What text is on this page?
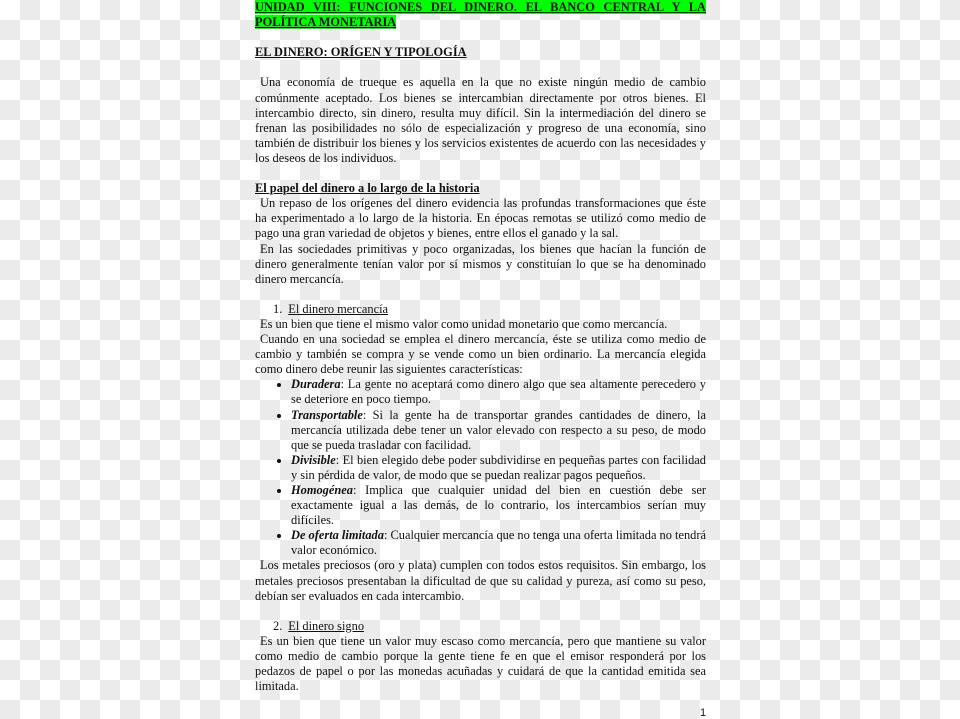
UNIDAD VIII: FUNCIONES DEL DINERO. EL BANCO CENTRAL Y LA POLÍTICA MONETARIA

EL DINERO: ORÍGEN Y TIPOLOGÍA

Una economía de trueque es aquella en la que no existe ningún medio de cambio comúnmente aceptado. Los bienes se intercambian directamente por otros bienes. El intercambio directo, sin dinero, resulta muy difícil. Sin la intermediación del dinero se frenan las posibilidades no sólo de especialización y progreso de una economía, sino también de distribuir los bienes y los servicios existentes de acuerdo con las necesidades y los deseos de los individuos.

El papel del dinero a lo largo de la historia

Un repaso de los orígenes del dinero evidencia las profundas transformaciones que éste ha experimentado a lo largo de la historia. En épocas remotas se utilizó como medio de pago una gran variedad de objetos y bienes, entre ellos el ganado y la sal.

En las sociedades primitivas y poco organizadas, los bienes que hacían la función de dinero generalmente tenían valor por sí mismos y constituían lo que se ha denominado dinero mercancía.

1. El dinero mercancía

Es un bien que tiene el mismo valor como unidad monetario que como mercancía.

Cuando en una sociedad se emplea el dinero mercancía, éste se utiliza como medio de cambio y también se compra y se vende como un bien ordinario. La mercancía elegida como dinero debe reunir las siguientes características:

• Duradera: La gente no aceptará como dinero algo que sea altamente perecedero y se deteriore en poco tiempo.
• Transportable: Si la gente ha de transportar grandes cantidades de dinero, la mercancía utilizada debe tener un valor elevado con respecto a su peso, de modo que se pueda trasladar con facilidad.
• Divisible: El bien elegido debe poder subdividirse en pequeñas partes con facilidad y sin pérdida de valor, de modo que se puedan realizar pagos pequeños.
• Homogénea: Implica que cualquier unidad del bien en cuestión debe ser exactamente igual a las demás, de lo contrario, los intercambios serían muy difíciles.
• De oferta limitada: Cualquier mercancía que no tenga una oferta limitada no tendrá valor económico.

Los metales preciosos (oro y plata) cumplen con todos estos requisitos. Sin embargo, los metales preciosos presentaban la dificultad de que su calidad y pureza, así como su peso, debían ser evaluados en cada intercambio.

2. El dinero signo

Es un bien que tiene un valor muy escaso como mercancía, pero que mantiene su valor como medio de cambio porque la gente tiene fe en que el emisor responderá por los pedazos de papel o por las monedas acuñadas y cuidará de que la cantidad emitida sea limitada.

1
